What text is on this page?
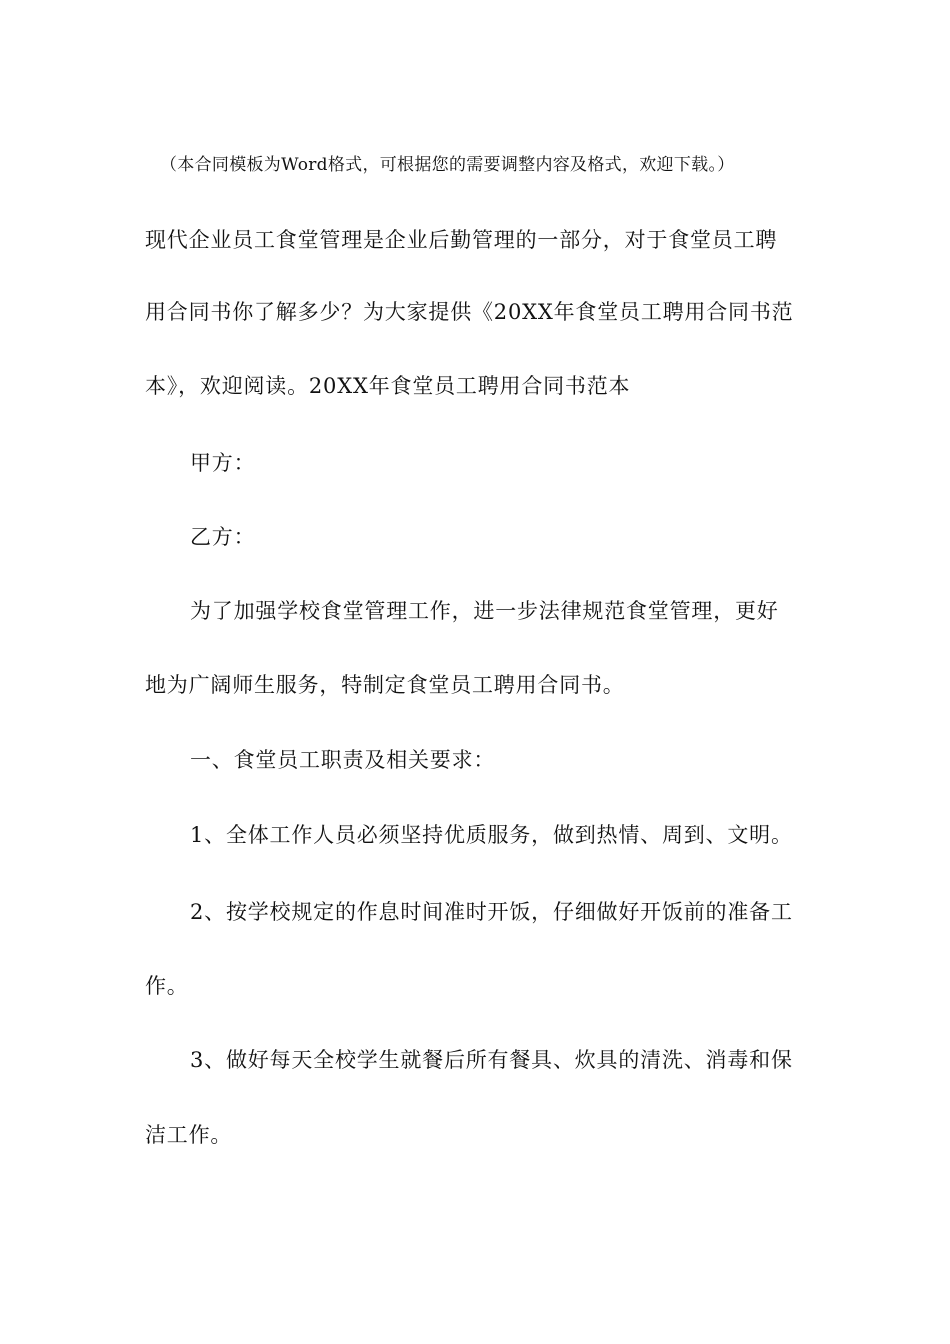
（本合同模板为Word格式，可根据您的需要调整内容及格式，欢迎下载。）
现代企业员工食堂管理是企业后勤管理的一部分，对于食堂员工聘
用合同书你了解多少？为大家提供《20XX年食堂员工聘用合同书范
本》，欢迎阅读。20XX年食堂员工聘用合同书范本
甲方：
乙方：
为了加强学校食堂管理工作，进一步法律规范食堂管理，更好
地为广阔师生服务，特制定食堂员工聘用合同书。
一、食堂员工职责及相关要求：
1、全体工作人员必须坚持优质服务，做到热情、周到、文明。
2、按学校规定的作息时间准时开饭，仔细做好开饭前的准备工
作。
3、做好每天全校学生就餐后所有餐具、炊具的清洗、消毒和保
洁工作。
